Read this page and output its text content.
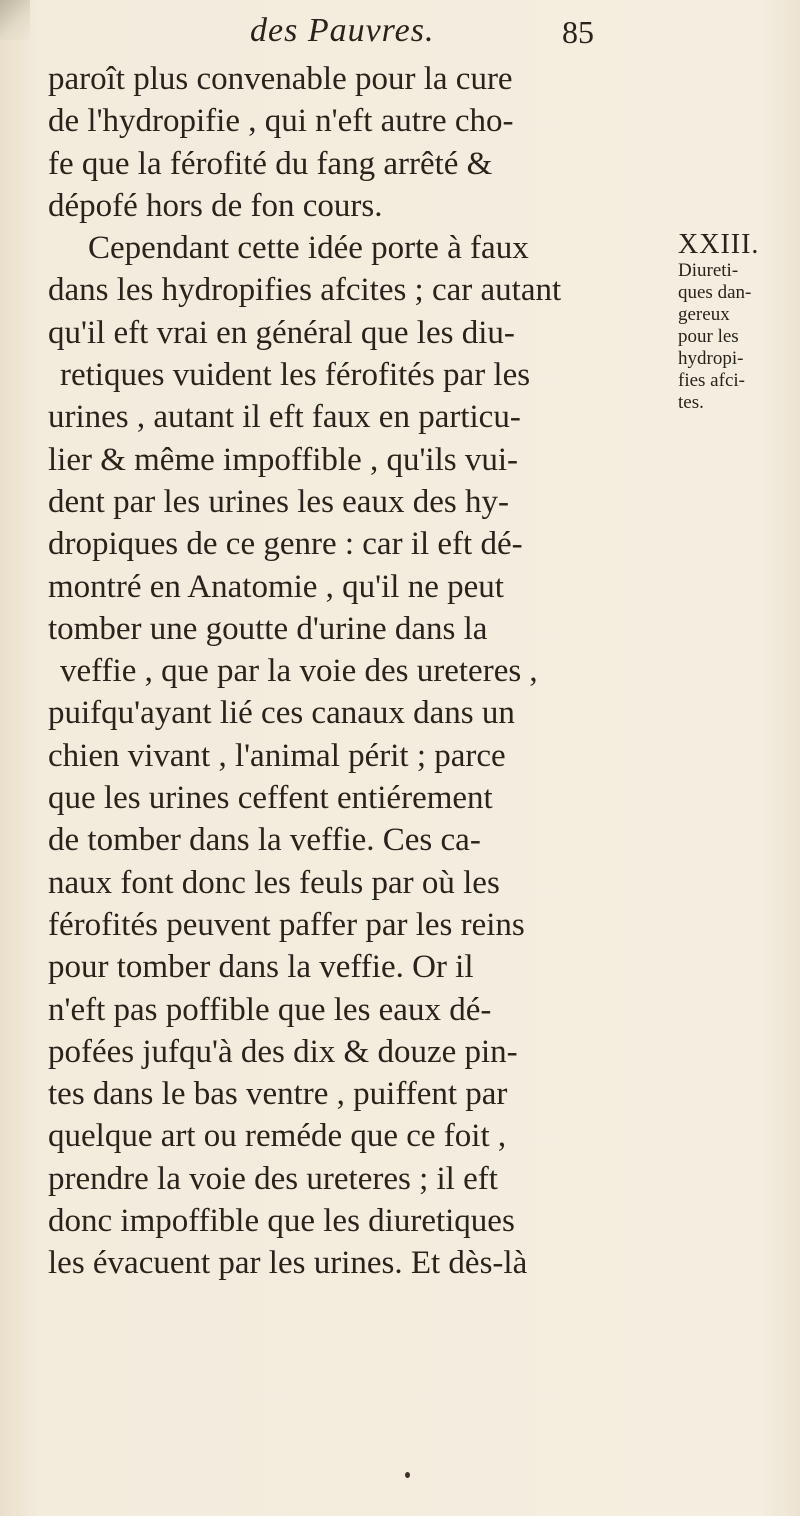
des Pauvres.	85
paroît plus convenable pour la cure
de l'hydropifie , qui n'eft autre cho-
fe que la férofité du fang arrêté &
dépofé hors de fon cours.
Cependant cette idée porte à faux
dans les hydropifies afcites ; car autant
qu'il eft vrai en général que les diu-
retiques vuident les férofités par les
urines , autant il eft faux en particu-
lier & même impoffible , qu'ils vui-
dent par les urines les eaux des hy-
dropiques de ce genre : car il eft dé-
montré en Anatomie , qu'il ne peut
tomber une goutte d'urine dans la
veffie , que par la voie des ureteres ,
puifqu'ayant lié ces canaux dans un
chien vivant , l'animal périt ; parce
que les urines ceffent entiérement
de tomber dans la veffie. Ces ca-
naux font donc les feuls par où les
férofités peuvent paffer par les reins
pour tomber dans la veffie. Or il
n'eft pas poffible que les eaux dé-
pofées jufqu'à des dix & douze pin-
tes dans le bas ventre , puiffent par
quelque art ou reméde que ce foit ,
prendre la voie des ureteres ; il eft
donc impoffible que les diuretiques
les évacuent par les urines. Et dès-là
XXIII.
Diureti-
ques dan-
gereux
pour les
hydropi-
fies afci-
tes.
